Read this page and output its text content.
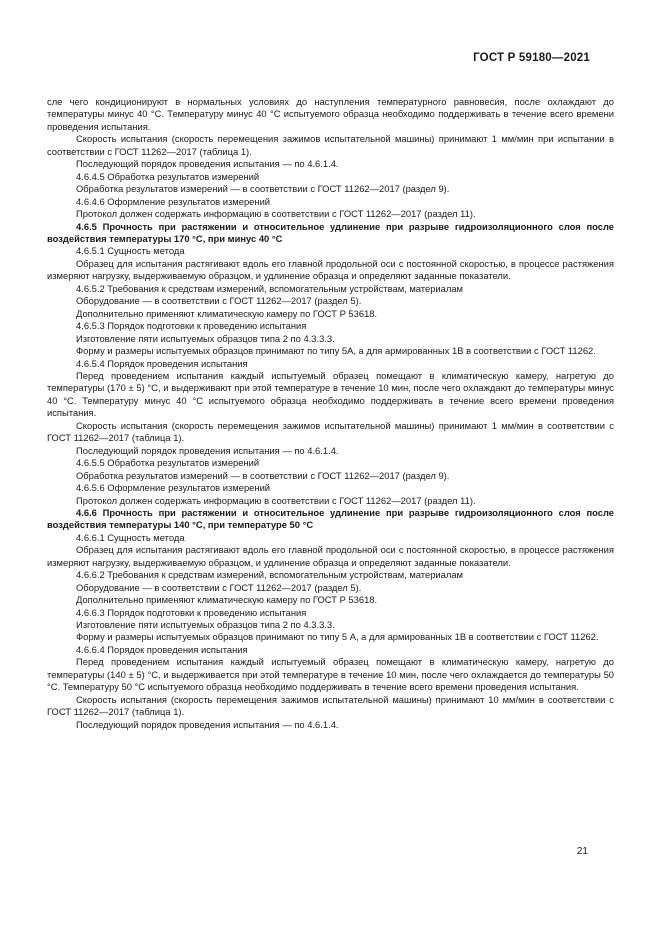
ГОСТ Р 59180—2021

сле чего кондиционируют в нормальных условиях до наступления температурного равновесия, после охлаждают до температуры минус 40 °С. Температуру минус 40 °С испытуемого образца необходимо поддерживать в течение всего времени проведения испытания.

Скорость испытания (скорость перемещения зажимов испытательной машины) принимают 1 мм/мин при испытании в соответствии с ГОСТ 11262—2017 (таблица 1).

Последующий порядок проведения испытания — по 4.6.1.4.

4.6.4.5 Обработка результатов измерений

Обработка результатов измерений — в соответствии с ГОСТ 11262—2017 (раздел 9).

4.6.4.6 Оформление результатов измерений

Протокол должен содержать информацию в соответствии с ГОСТ 11262—2017 (раздел 11).

4.6.5 Прочность при растяжении и относительное удлинение при разрыве гидроизоляционного слоя после воздействия температуры 170 °С, при минус 40 °С

4.6.5.1 Сущность метода

Образец для испытания растягивают вдоль его главной продольной оси с постоянной скоростью, в процессе растяжения измеряют нагрузку, выдерживаемую образцом, и удлинение образца и определяют заданные показатели.

4.6.5.2 Требования к средствам измерений, вспомогательным устройствам, материалам

Оборудование — в соответствии с ГОСТ 11262—2017 (раздел 5).

Дополнительно применяют климатическую камеру по ГОСТ Р 53618.

4.6.5.3 Порядок подготовки к проведению испытания

Изготовление пяти испытуемых образцов типа 2 по 4.3.3.3.

Форму и размеры испытуемых образцов принимают по типу 5А, а для армированных 1В в соответствии с ГОСТ 11262.

4.6.5.4 Порядок проведения испытания

Перед проведением испытания каждый испытуемый образец помещают в климатическую камеру, нагретую до температуры (170 ± 5) °С, и выдерживают при этой температуре в течение 10 мин, после чего охлаждают до температуры минус 40 °С. Температуру минус 40 °С испытуемого образца необходимо поддерживать в течение всего времени проведения испытания.

Скорость испытания (скорость перемещения зажимов испытательной машины) принимают 1 мм/мин в соответствии с ГОСТ 11262—2017 (таблица 1).

Последующий порядок проведения испытания — по 4.6.1.4.

4.6.5.5 Обработка результатов измерений

Обработка результатов измерений — в соответствии с ГОСТ 11262—2017 (раздел 9).

4.6.5.6 Оформление результатов измерений

Протокол должен содержать информацию в соответствии с ГОСТ 11262—2017 (раздел 11).

4.6.6 Прочность при растяжении и относительное удлинение при разрыве гидроизоляционного слоя после воздействия температуры 140 °С, при температуре 50 °С

4.6.6.1 Сущность метода

Образец для испытания растягивают вдоль его главной продольной оси с постоянной скоростью, в процессе растяжения измеряют нагрузку, выдерживаемую образцом, и удлинение образца и определяют заданные показатели.

4.6.6.2 Требования к средствам измерений, вспомогательным устройствам, материалам

Оборудование — в соответствии с ГОСТ 11262—2017 (раздел 5).

Дополнительно применяют климатическую камеру по ГОСТ Р 53618.

4.6.6.3 Порядок подготовки к проведению испытания

Изготовление пяти испытуемых образцов типа 2 по 4.3.3.3.

Форму и размеры испытуемых образцов принимают по типу 5 А, а для армированных 1В в соответствии с ГОСТ 11262.

4.6.6.4 Порядок проведения испытания

Перед проведением испытания каждый испытуемый образец помещают в климатическую камеру, нагретую до температуры (140 ± 5) °С, и выдерживается при этой температуре в течение 10 мин, после чего охлаждается до температуры 50 °С. Температуру 50 °С испытуемого образца необходимо поддерживать в течение всего времени проведения испытания.

Скорость испытания (скорость перемещения зажимов испытательной машины) принимают 10 мм/мин в соответствии с ГОСТ 11262—2017 (таблица 1).

Последующий порядок проведения испытания — по 4.6.1.4.

21
